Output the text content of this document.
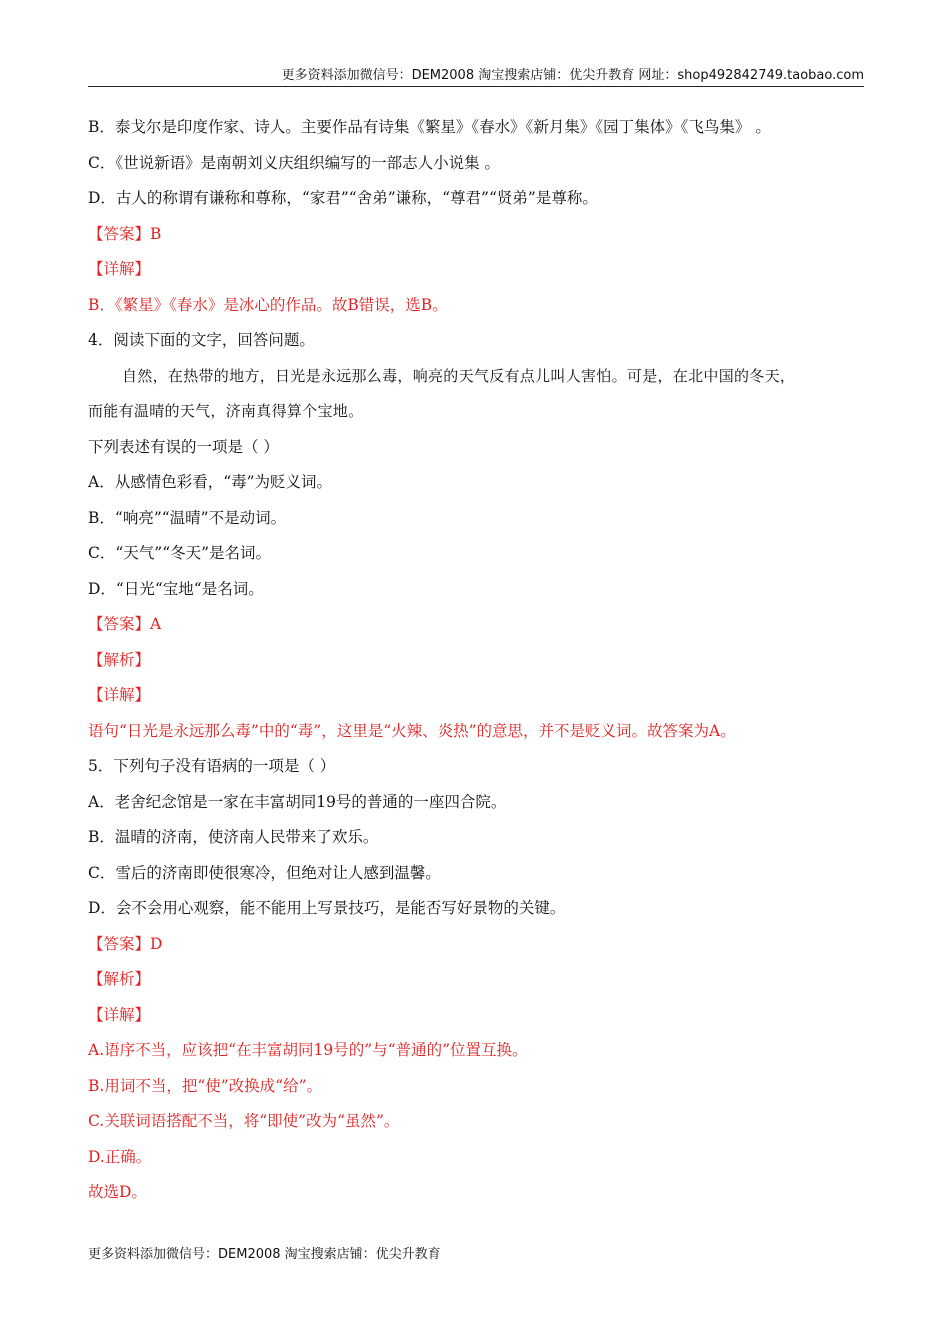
更多资料添加微信号：DEM2008 淘宝搜索店铺：优尖升教育 网址：shop492842749.taobao.com
B．泰戈尔是印度作家、诗人。主要作品有诗集《繁星》《春水》《新月集》《园丁集体》《飞鸟集》 。
C．《世说新语》是南朝刘义庆组织编写的一部志人小说集 。
D．古人的称谓有谦称和尊称，“家君”“舍弟”谦称，“尊君”“贤弟”是尊称。
【答案】B
【详解】
B．《繁星》《春水》是冰心的作品。故B错误，选B。
4．阅读下面的文字，回答问题。
自然，在热带的地方，日光是永远那么毒，响亮的天气反有点儿叫人害怕。可是，在北中国的冬天，
而能有温晴的天气，济南真得算个宝地。
下列表述有误的一项是（ ）
A．从感情色彩看，“毒”为贬义词。
B．“响亮”“温晴”不是动词。
C．“天气”“冬天”是名词。
D．“日光“宝地“是名词。
【答案】A
【解析】
【详解】
语句“日光是永远那么毒”中的“毒”，这里是“火辣、炎热”的意思，并不是贬义词。故答案为A。
5．下列句子没有语病的一项是（ ）
A．老舍纪念馆是一家在丰富胡同19号的普通的一座四合院。
B．温晴的济南，使济南人民带来了欢乐。
C．雪后的济南即使很寒冷，但绝对让人感到温馨。
D．会不会用心观察，能不能用上写景技巧，是能否写好景物的关键。
【答案】D
【解析】
【详解】
A.语序不当，应该把“在丰富胡同19号的”与“普通的”位置互换。
B.用词不当，把“使”改换成“给”。
C.关联词语搭配不当，将“即使”改为“虽然”。
D.正确。
故选D。
更多资料添加微信号：DEM2008 淘宝搜索店铺：优尖升教育
